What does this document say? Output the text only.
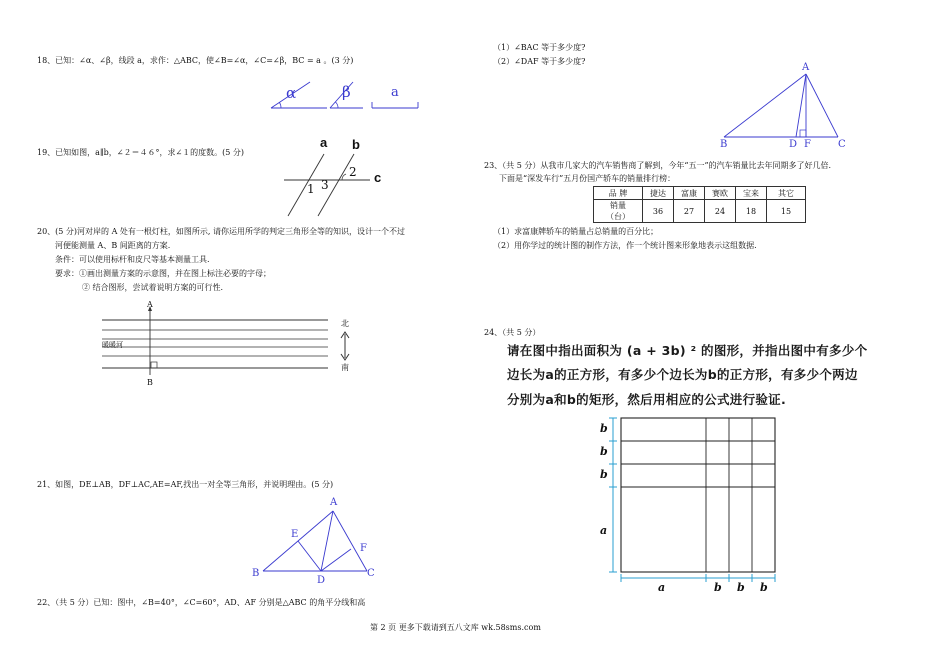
18、已知：∠α、∠β，线段 a，求作：△ABC，使∠B=∠α，∠C=∠β，BC = a 。(3 分)
α	β	a
19、已知如图，a∥b，∠２＝４６°，求∠１的度数。(5 分)
a b
c
1
2
3
20、(5 分)河对岸的 A 处有一根灯柱，如图所示, 请你运用所学的判定三角形全等的知识，设计一个不过
河便能测量 A、B 间距离的方案.
条件：可以使用标杆和皮尺等基本测量工具.
要求：①画出测量方案的示意图，并在图上标注必要的字母；
② 结合图形，尝试着说明方案的可行性.
A
B
暖暖河
北
南
21、如图，DE⊥AB，DF⊥AC,AE=AF,找出一对全等三角形，并说明理由。(5 分)
A
B	C
D
E
F
22、（共 5 分）已知：图中，∠B=40°，∠C=60°，AD、AF 分别是△ABC 的角平分线和高
（1）∠BAC 等于多少度?
（2）∠DAF 等于多少度?
A
B	C
D F
23、（共 5 分）从我市几家大的汽车销售商了解到，今年“五一”的汽车销量比去年同期多了好几倍.
下面是“深发车行”五月份国产轿车的销量排行榜：
品 牌	捷达	富康	赛欧	宝来	其它
销量
（台）	36	27	24	18	15
（1）求富康牌轿车的销量占总销量的百分比；
（2）用你学过的统计图的制作方法，作一个统计图来形象地表示这组数据.
24、（共 5 分）
请在图中指出面积为 (a + 3b) ² 的图形，并指出图中有多少个
边长为a的正方形，有多少个边长为b的正方形，有多少个两边
分别为a和b的矩形，然后用相应的公式进行验证.
b
b
b
a
a	b b b
第 2 页 更多下载请到五八文库 wk.58sms.com
